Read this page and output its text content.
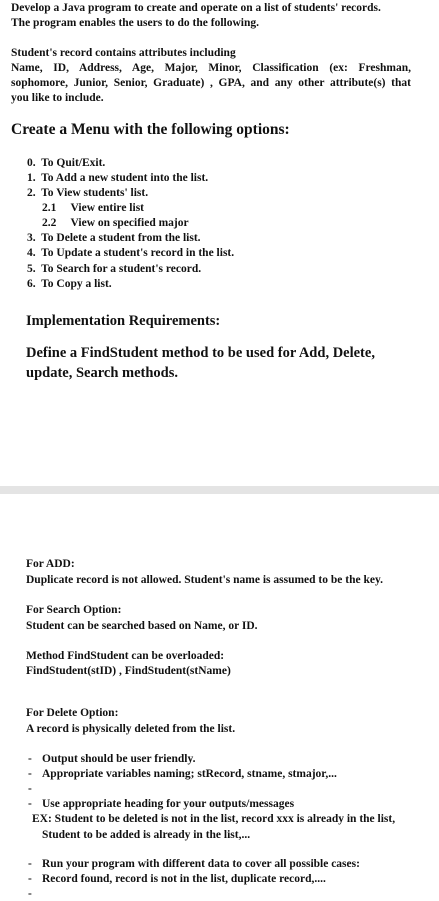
Develop a Java program to create and operate on a list of students' records.
The program enables the users to do the following.
Student's record contains attributes including
Name, ID, Address, Age, Major, Minor, Classification (ex: Freshman,
sophomore, Junior, Senior, Graduate) , GPA, and any other attribute(s) that
you like to include.
Create a Menu with the following options:
0.  To Quit/Exit.
1.  To Add a new student into the list.
2.  To View students' list.
2.1     View entire list
2.2     View on specified major
3.  To Delete a student from the list.
4.  To Update a student's record in the list.
5.  To Search for a student's record.
6.  To Copy a list.
Implementation Requirements:
Define a FindStudent method to be used for Add, Delete,
update, Search methods.
For ADD:
Duplicate record is not allowed. Student's name is assumed to be the key.
For Search Option:
Student can be searched based on Name, or ID.
Method FindStudent can be overloaded:
FindStudent(stID) , FindStudent(stName)
For Delete Option:
A record is physically deleted from the list.
- Output should be user friendly.
- Appropriate variables naming; stRecord, stname, stmajor,...
-
- Use appropriate heading for your outputs/messages
EX: Student to be deleted is not in the list, record xxx is already in the list,
Student to be added is already in the list,...
- Run your program with different data to cover all possible cases:
- Record found, record is not in the list, duplicate record,....
-
